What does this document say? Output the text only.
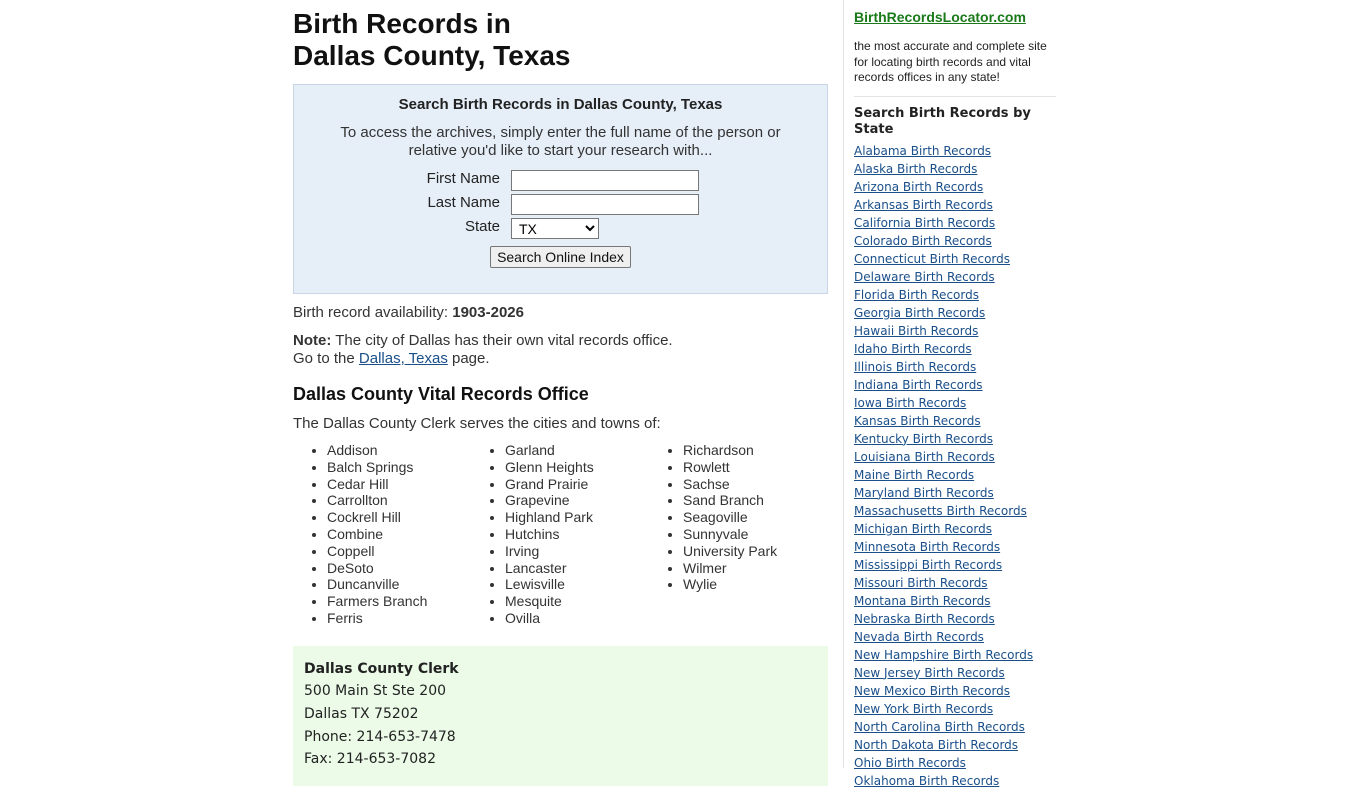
Birth Records in
Dallas County, Texas
Search Birth Records in Dallas County, Texas
To access the archives, simply enter the full name of the person or relative you'd like to start your research with...
First Name
Last Name
State
TX
Search Online Index

Birth record availability: 1903-2026

Note: The city of Dallas has their own vital records office.
Go to the Dallas, Texas page.

Dallas County Vital Records Office

The Dallas County Clerk serves the cities and towns of:

• Addison
• Balch Springs
• Cedar Hill
• Carrollton
• Cockrell Hill
• Combine
• Coppell
• DeSoto
• Duncanville
• Farmers Branch
• Ferris
• Garland
• Glenn Heights
• Grand Prairie
• Grapevine
• Highland Park
• Hutchins
• Irving
• Lancaster
• Lewisville
• Mesquite
• Ovilla
• Richardson
• Rowlett
• Sachse
• Sand Branch
• Seagoville
• Sunnyvale
• University Park
• Wilmer
• Wylie
Dallas County Clerk
500 Main St Ste 200
Dallas TX 75202
Phone: 214-653-7478
Fax: 214-653-7082
BirthRecordsLocator.com
the most accurate and complete site for locating birth records and vital records offices in any state!
Search Birth Records by State
Alabama Birth Records
Alaska Birth Records
Arizona Birth Records
Arkansas Birth Records
California Birth Records
Colorado Birth Records
Connecticut Birth Records
Delaware Birth Records
Florida Birth Records
Georgia Birth Records
Hawaii Birth Records
Idaho Birth Records
Illinois Birth Records
Indiana Birth Records
Iowa Birth Records
Kansas Birth Records
Kentucky Birth Records
Louisiana Birth Records
Maine Birth Records
Maryland Birth Records
Massachusetts Birth Records
Michigan Birth Records
Minnesota Birth Records
Mississippi Birth Records
Missouri Birth Records
Montana Birth Records
Nebraska Birth Records
Nevada Birth Records
New Hampshire Birth Records
New Jersey Birth Records
New Mexico Birth Records
New York Birth Records
North Carolina Birth Records
North Dakota Birth Records
Ohio Birth Records
Oklahoma Birth Records
